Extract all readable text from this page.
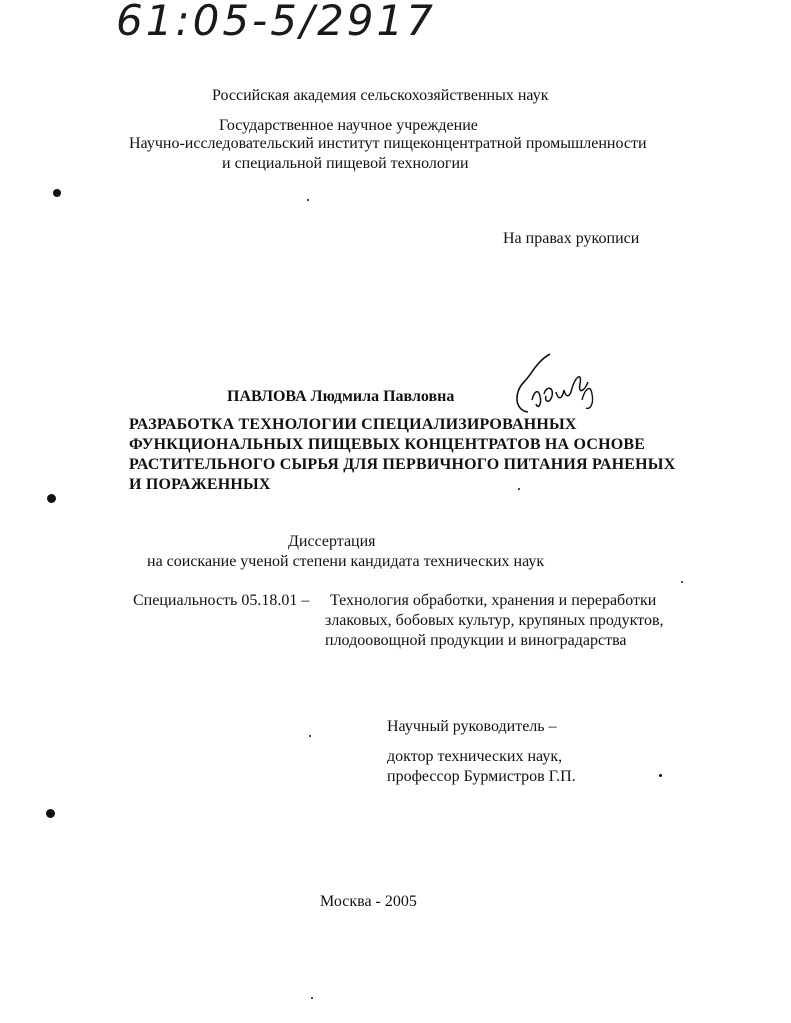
61:05-5/2917
Российская академия сельскохозяйственных наук
Государственное научное учреждение
Научно-исследовательский институт пищеконцентратной промышленности
и специальной пищевой технологии
На правах рукописи
ПАВЛОВА Людмила Павловна
РАЗРАБОТКА ТЕХНОЛОГИИ СПЕЦИАЛИЗИРОВАННЫХ
ФУНКЦИОНАЛЬНЫХ ПИЩЕВЫХ КОНЦЕНТРАТОВ НА ОСНОВЕ
РАСТИТЕЛЬНОГО СЫРЬЯ ДЛЯ ПЕРВИЧНОГО ПИТАНИЯ РАНЕНЫХ
И ПОРАЖЕННЫХ
Диссертация
на соискание ученой степени кандидата технических наук
Специальность 05.18.01 – Технология обработки, хранения и переработки
злаковых, бобовых культур, крупяных продуктов,
плодоовощной продукции и виноградарства
Научный руководитель –
доктор технических наук,
профессор Бурмистров Г.П.
Москва - 2005
